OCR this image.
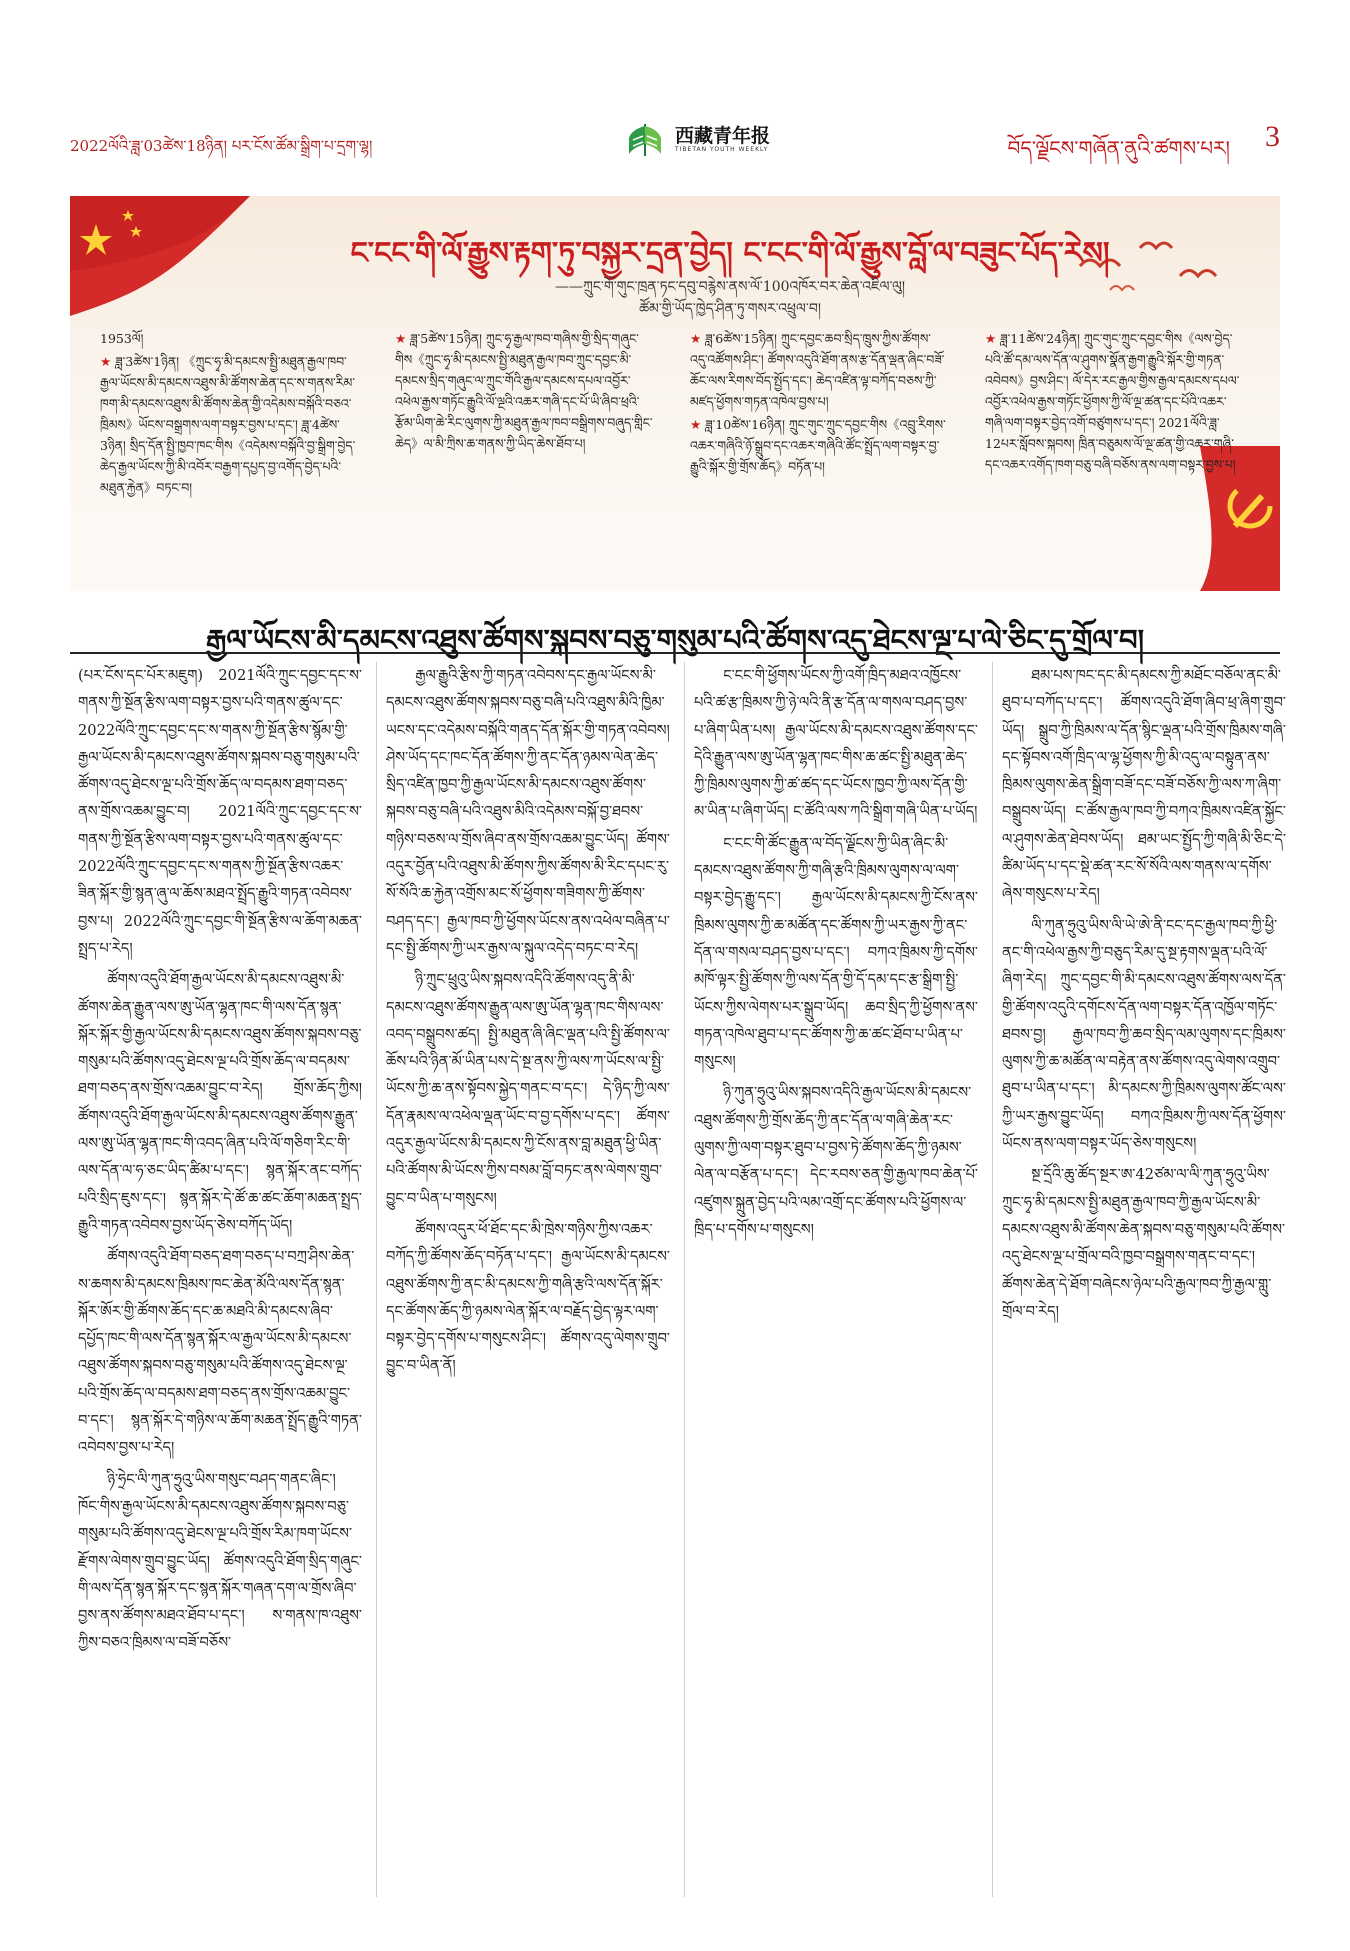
2022ལོའི་ཟླ་03ཚེས་18ཉིན། པར་ངོས་ཚོམ་སྒྲིག་པ་དྲག་ལྷ།	西藏青年报
TIBETAN YOUTH WEEKLY	བོད་ལྗོངས་གཞོན་ནུའི་ཚགས་པར། 3
ང་ངང་གི་ལོ་རྒྱུས་རྟག་ཏུ་བསྐྱར་དྲན་བྱེད། ང་ངང་གི་ལོ་རྒྱུས་བློ་ལ་བཟུང་པོད་རེས།
——ཀྲུང་གོ་གུང་ཁྲན་ཏང་དབུ་བརྙེས་ནས་ལོ་100འཁོར་བར་ཆེན་འཇིལ་ལུ།
ཚོམ་གྱི་ཡོད་ཁྱེད་ཤིན་ཏུ་གསར་འཕྲུལ་བ།

1953ལོ།

★ ཟླ་3ཚེས་1ཉིན། 《ཀྲུང་ཧྭ་མི་དམངས་སྤྱི་མཐུན་རྒྱལ་ཁབ་རྒྱལ་ཡོངས་མི་དམངས་འཐུས་མི་ཚོགས་ཆེན་དང་ས་གནས་རིམ་ཁག་མི་དམངས་འཐུས་མི་ཚོགས་ཆེན་གྱི་འདེམས་བསྐོའི་བཅའ་ཁྲིམས》ཡོངས་བསྒྲགས་ལག་བསྟར་བྱས་པ་དང་། ཟླ་4ཚེས་3ཉིན། སྲིད་དོན་སྤྱི་ཁྱབ་ཁང་གིས《འདེམས་བསྐོའི་བྱ་སྒྲིག་བྱེད་ཆེད་རྒྱལ་ཡོངས་ཀྱི་མི་འབོར་བརྒྱག་དཔྱད་བྱ་འགོད་བྱེད་པའི་མཐུན་རྐྱེན》བཏང་བ།

★ ཟླ་5ཚེས་15ཉིན། ཀྲུང་ཧྭ་རྒྱལ་ཁབ་གཞིས་གྱི་སྲིད་གཞུང་གིས《ཀྲུང་ཧྭ་མི་དམངས་སྤྱི་མཐུན་རྒྱལ་ཁབ་ཀྲུང་དབྱང་མི་དམངས་སྲིད་གཞུང་ལ་ཀྲུང་གོའི་རྒྱལ་དམངས་དཔལ་འབྱོར་འཕེལ་རྒྱས་གཏོང་རྒྱུའི་ལོ་ལྔའི་འཆར་གཞི་དང་པོ་ཡི་ཞིབ་ཕྲའི་རྩོམ་ཡིག་ཆེ་རིང་ལུགས་ཀྱི་མཐུན་རྒྱལ་ཁབ་བསྒྲིགས་བཞུད་གླིང་ཆེད》ལ་མི་ཀྲིས་ཆ་གནས་ཀྱི་ཡིད་ཆེས་ཐོབ་པ།

★ ཟླ་6ཚེས་15ཉིན། ཀྲུང་དབྱང་ཆབ་སྲིད་ཁྲུས་ཀྱིས་ཚོགས་འདུ་འཚོགས་ཤིང་། ཚོགས་འདུའི་ཐོག་ནས་རྩ་དོན་ལྡན་ཞིང་བཟོ་ཆོང་ལས་རིགས་བོད་སྤྱོད་དང་། ཆེད་འཛིན་ལྟ་བཀོད་བཅས་ཀྱི་མཛད་ཕྱོགས་གཏན་འཁེལ་བྱས་པ།

★ ཟླ་10ཚེས་16ཉིན། ཀྲུང་གུང་ཀྲུང་དབྱང་གིས《འབྲུ་རིགས་འཆར་གཞིའི་ཉོ་སྒྲུབ་དང་འཆར་གཞིའི་ཚོང་སྤྲོད་ལག་བསྟར་བྱ་རྒྱུའི་སྐོར་གྱི་གྲོས་ཆོད》བཏོན་པ།

★ ཟླ་11ཚེས་24ཉིན། ཀྲུང་གུང་ཀྲུང་དབྱང་གིས《ལས་བྱེད་པའི་ཚོ་དམ་ལས་དོན་ལ་ཤུགས་སྣོན་རྒྱག་རྒྱུའི་སྐོར་གྱི་གཏན་འབེབས》བྱས་ཤིང་། ལོ་དེར་རང་རྒྱལ་གྱིས་རྒྱལ་དམངས་དཔལ་འབྱོར་འཕེལ་རྒྱས་གཏོང་ཕྱོགས་ཀྱི་ལོ་ལྔ་ཚན་དང་པོའི་འཆར་གཞི་ལག་བསྟར་བྱེད་འགོ་བཙུགས་པ་དང་། 2021ལོའི་ཟླ་12པར་སློབས་སྐབས། ཁྲིན་བཅུམས་ལོ་ལྔ་ཚན་གྱི་འཆར་གཞི་དང་འཆར་འགོད་ཁག་བཅུ་བཞི་བཅོས་ནས་ལག་བསྟར་བྱས་པ།

རྒྱལ་ཡོངས་མི་དམངས་འཐུས་ཚོགས་སྐབས་བཅུ་གསུམ་པའི་ཚོགས་འདུ་ཐེངས་ལྔ་པ་ལེ་ཅིང་དུ་གྲོལ་བ།

(པར་ངོས་དང་པོར་མཇུག) 2021ལོའི་ཀྲུང་དབྱང་དང་ས་གནས་ཀྱི་སྔོན་རྩིས་ལག་བསྟར་བྱས་པའི་གནས་ཚུལ་དང་2022ལོའི་ཀྲུང་དབྱང་དང་ས་གནས་ཀྱི་སྔོན་རྩིས་སྙོམ་གྱི་རྒྱལ་ཡོངས་མི་དམངས་འཐུས་ཚོགས་སྐབས་བཅུ་གསུམ་པའི་ཚོགས་འདུ་ཐེངས་ལྔ་པའི་གྲོས་ཆོད་ལ་བདམས་ཐག་བཅད་ནས་གྲོས་འཆམ་བྱུང་བ། 2021ལོའི་ཀྲུང་དབྱང་དང་ས་གནས་ཀྱི་སྔོན་རྩིས་ལག་བསྟར་བྱས་པའི་གནས་ཚུལ་དང་2022ལོའི་ཀྲུང་དབྱང་དང་ས་གནས་ཀྱི་སྔོན་རྩིས་འཆར་ཟིན་སྐོར་གྱི་སྙན་ཞུ་ལ་ཆོས་མཐའ་སྤྲོད་རྒྱུའི་གཏན་འབེབས་བྱས་པ། 2022ལོའི་ཀྲུང་དབྱང་གི་སྔོན་རྩིས་ལ་ཆོག་མཆན་སྤྲད་པ་རེད།

ཚོགས་འདུའི་ཐོག་རྒྱལ་ཡོངས་མི་དམངས་འཐུས་མི་ཚོགས་ཆེན་རྒྱུན་ལས་ཨུ་ཡོན་ལྷན་ཁང་གི་ལས་དོན་སྙན་སྐོར་སྐོར་གྱི་རྒྱལ་ཡོངས་མི་དམངས་འཐུས་ཚོགས་སྐབས་བཅུ་གསུམ་པའི་ཚོགས་འདུ་ཐེངས་ལྔ་པའི་གྲོས་ཆོད་ལ་བདམས་ཐག་བཅད་ནས་གྲོས་འཆམ་བྱུང་བ་རེད། གྲོས་ཆོད་ཀྱིས། ཚོགས་འདུའི་ཐོག་རྒྱལ་ཡོངས་མི་དམངས་འཐུས་ཚོགས་རྒྱུན་ལས་ཨུ་ཡོན་ལྷན་ཁང་གི་འབད་ཞིན་པའི་ལོ་གཅིག་རིང་གི་ལས་དོན་ལ་ཧ་ཅང་ཡིད་ཚིམ་པ་དང་། སྙན་སྐོར་ནང་བཀོད་པའི་སྲིད་ཇུས་དང་། སྙན་སྐོར་དེ་ཚོ་ཆ་ཚང་ཆོག་མཆན་སྤྲད་རྒྱུའི་གཏན་འབེབས་བྱས་ཡོད་ཅེས་བཀོད་ཡོད།

ཚོགས་འདུའི་ཐོག་བཅད་ཐག་བཅད་པ་བཀྲ་ཤིས་ཆེན་ས་ཆགས་མི་དམངས་ཁྲིམས་ཁང་ཆེན་མོའི་ལས་དོན་སྙན་སྐོར་ཨོར་གྱི་ཚོགས་ཆོད་དང་ཆ་མཐའི་མི་དམངས་ཞིབ་དཔྱོད་ཁང་གི་ལས་དོན་སྙན་སྐོར་ལ་རྒྱལ་ཡོངས་མི་དམངས་འཐུས་ཚོགས་སྐབས་བཅུ་གསུམ་པའི་ཚོགས་འདུ་ཐེངས་ལྔ་པའི་གྲོས་ཆོད་ལ་བདམས་ཐག་བཅད་ནས་གྲོས་འཆམ་བྱུང་བ་དང་། སྙན་སྐོར་དེ་གཉིས་ལ་ཆོག་མཆན་སྤྲོད་རྒྱུའི་གཏན་འབེབས་བྱས་པ་རེད།

ཉི་ཧྲེང་ལི་ཀུན་ཧྲུའུ་ཡིས་གསུང་བཤད་གནང་ཞིང་། ཁོང་གིས་རྒྱལ་ཡོངས་མི་དམངས་འཐུས་ཚོགས་སྐབས་བཅུ་གསུམ་པའི་ཚོགས་འདུ་ཐེངས་ལྔ་པའི་གྲོས་རིམ་ཁག་ཡོངས་རྫོགས་ལེགས་གྲུབ་བྱུང་ཡོད། ཚོགས་འདུའི་ཐོག་སྲིད་གཞུང་གི་ལས་དོན་སྙན་སྐོར་དང་སྙན་སྐོར་གཞན་དག་ལ་གྲོས་ཞིབ་བྱས་ནས་ཚོགས་མཐའ་ཐོབ་པ་དང་། ས་གནས་ཁ་འཐུས་ཀྱིས་བཅའ་ཁྲིམས་ལ་བཟོ་བཅོས་

རྒྱལ་རྒྱུའི་རྩིས་ཀྱི་གཏན་འབེབས་དང་རྒྱལ་ཡོངས་མི་དམངས་འཐུས་ཚོགས་སྐབས་བཅུ་བཞི་པའི་འཐུས་མིའི་ཁྱིམ་ཡངས་དང་འདེམས་བསྐོའི་གནད་དོན་སྐོར་གྱི་གཏན་འབེབས། ཤེས་ཡོད་དང་ཁང་དོན་ཚོགས་ཀྱི་ནང་དོན་ཉམས་ལེན་ཆེད་སྲིད་འཛིན་ཁྱབ་ཀྱི་རྒྱལ་ཡོངས་མི་དམངས་འཐུས་ཚོགས་སྐབས་བཅུ་བཞི་པའི་འཐུས་མིའི་འདེམས་བསྐོ་བྱ་ཐབས་གཉིས་བཅས་ལ་གྲོས་ཞིབ་ནས་གྲོས་འཆམ་བྱུང་ཡོད། ཚོགས་འདུར་བྱོན་པའི་འཐུས་མི་ཚོགས་ཀྱིས་ཚོགས་མི་རིང་དཔང་རུ་སོ་སོའི་ཆ་རྐྱེན་འགྲོས་མང་སོ་ཕྱོགས་གཟིགས་ཀྱི་ཚོགས་བཤད་དང་། རྒྱལ་ཁབ་ཀྱི་ཕྱོགས་ཡོངས་ནས་འཕེལ་བཞིན་པ་དང་སྤྱི་ཚོགས་ཀྱི་ཡར་རྒྱས་ལ་སྐུལ་འདེད་བཏང་བ་རེད།

ཉི་ཀྲུང་ཕྲུའུ་ཡིས་སྐབས་འདིའི་ཚོགས་འདུ་ནི་མི་དམངས་འཐུས་ཚོགས་རྒྱུན་ལས་ཨུ་ཡོན་ལྷན་ཁང་གིས་ལས་འབད་བསྒྲུབས་ཚད། སྤྱི་མཐུན་ཞི་ཞིང་ལྡན་པའི་སྤྱི་ཚོགས་ལ་ཆོས་པའི་ཉིན་མོ་ཡིན་པས་དེ་སྔ་ནས་ཀྱི་ལས་ཀ་ཡོངས་ལ་སྤྱི་ཡོངས་ཀྱི་ཆ་ནས་སྟོབས་སྐྱེད་གནང་བ་དང་། དེ་ཉིད་ཀྱི་ལས་དོན་རྣམས་ལ་འཕེལ་ལྡན་ཡོང་བ་བྱ་དགོས་པ་དང་། ཚོགས་འདུར་རྒྱལ་ཡོངས་མི་དམངས་ཀྱི་ངོས་ནས་བླ་མཐུན་ཕྱི་ཡིན་པའི་ཚོགས་མི་ཡོངས་ཀྱིས་བསམ་བློ་བཏང་ནས་ལེགས་གྲུབ་བྱུང་བ་ཡིན་པ་གསུངས།

ཚོགས་འདུར་ཕོ་ཐོང་དང་མི་ཁྲེས་གཉིས་ཀྱིས་འཆར་བཀོད་ཀྱི་ཚོགས་ཆོད་བཏོན་པ་དང་། རྒྱལ་ཡོངས་མི་དམངས་འཐུས་ཚོགས་ཀྱི་ནང་མི་དམངས་ཀྱི་གཞི་རྩའི་ལས་དོན་སྐོར་དང་ཚོགས་ཆོད་ཀྱི་ཉམས་ལེན་སྐོར་ལ་བརྗོད་བྱེད་ལྟར་ལག་བསྟར་བྱེད་དགོས་པ་གསུངས་ཤིང་། ཚོགས་འདུ་ལེགས་གྲུབ་བྱུང་བ་ཡིན་ནོ།

ང་ངང་གི་ཕྱོགས་ཡོངས་ཀྱི་འགོ་ཁྲིད་མཐའ་འཁྱོངས་པའི་ཚ་རྩ་ཁྲིམས་ཀྱི་ཉེ་ལའི་ནི་རྩ་དོན་ལ་གསལ་བཤད་བྱས་པ་ཞིག་ཡིན་པས། རྒྱལ་ཡོངས་མི་དམངས་འཐུས་ཚོགས་དང་དེའི་རྒྱུན་ལས་ཨུ་ཡོན་ལྷན་ཁང་གིས་ཆ་ཚང་སྤྱི་མཐུན་ཆེད་ཀྱི་ཁྲིམས་ལུགས་ཀྱི་ཚ་ཚད་དང་ཡོངས་ཁྱབ་ཀྱི་ལས་དོན་གྱི་མ་ཡིན་པ་ཞིག་ཡོད། ང་ཚོའི་ལས་ཀའི་སྒྲིག་གཞི་ཡིན་པ་ཡོད།

ང་ངང་གི་ཚོང་རྒྱུན་ལ་བོད་ལྗོངས་ཀྱི་ཡིན་ཞིང་མི་དམངས་འཐུས་ཚོགས་ཀྱི་གཞི་རྩའི་ཁྲིམས་ལུགས་ལ་ལག་བསྟར་བྱེད་རྒྱུ་དང་། རྒྱལ་ཡོངས་མི་དམངས་ཀྱི་ངོས་ནས་ཁྲིམས་ལུགས་ཀྱི་ཆ་མཚོན་དང་ཚོགས་ཀྱི་ཡར་རྒྱས་ཀྱི་ནང་དོན་ལ་གསལ་བཤད་བྱས་པ་དང་། བཀའ་ཁྲིམས་ཀྱི་དགོས་མཁོ་ལྟར་སྤྱི་ཚོགས་ཀྱི་ལས་དོན་གྱི་དོ་དམ་དང་རྩ་སྒྲིག་སྤྱི་ཡོངས་ཀྱིས་ལེགས་པར་སྒྲུབ་ཡོད། ཆབ་སྲིད་ཀྱི་ཕྱོགས་ནས་གཏན་འཁེལ་ཐུབ་པ་དང་ཚོགས་ཀྱི་ཆ་ཚང་ཐོབ་པ་ཡིན་པ་གསུངས།

ཉི་ཀུན་ཧྲུའུ་ཡིས་སྐབས་འདིའི་རྒྱལ་ཡོངས་མི་དམངས་འཐུས་ཚོགས་ཀྱི་གྲོས་ཆོད་ཀྱི་ནང་དོན་ལ་གཞི་ཆེན་རང་ལུགས་ཀྱི་ལག་བསྟར་ཐུབ་པ་བྱས་ཏེ་ཚོགས་ཆོད་ཀྱི་ཉམས་ལེན་ལ་བརྩོན་པ་དང་། དེང་རབས་ཅན་གྱི་རྒྱལ་ཁབ་ཆེན་པོ་འཛུགས་སྐྲུན་བྱེད་པའི་ལམ་འགྲོ་དང་ཚོགས་པའི་ཕྱོགས་ལ་ཁྲིད་པ་དགོས་པ་གསུངས།

ཐམ་པས་ཁང་དང་མི་དམངས་ཀྱི་མཐོང་བཅོལ་ནང་མི་ཐུབ་པ་བཀོད་པ་དང་། ཚོགས་འདུའི་ཐོག་ཞིབ་ཕྲ་ཞིག་གྲུབ་ཡོད། སྒྲུབ་ཀྱི་ཁྲིམས་ལ་དོན་སྙིང་ལྡན་པའི་གྲོས་ཁྲིམས་གཞི་དང་སྟོབས་འགོ་ཁྲིད་ལ་ལྷ་ཕྱོགས་ཀྱི་མི་འདུ་ལ་བསྟུན་ནས་ཁྲིམས་ལུགས་ཆེན་སྒྲིག་བཟོ་དང་བཟོ་བཅོས་ཀྱི་ལས་ཀ་ཞིག་བསྒྲུབས་ཡོད། ང་ཚོས་རྒྱལ་ཁབ་ཀྱི་བཀའ་ཁྲིམས་འཛིན་སྐྱོང་ལ་ཤུགས་ཆེན་ཐེབས་ཡོད། ཐམ་ཡང་སྤྱོད་ཀྱི་གཞི་མི་ཅིང་དེ་ཚིམ་ཡོད་པ་དང་སྡེ་ཚན་རང་སོ་སོའི་ལས་གནས་ལ་དགོས་ཞེས་གསུངས་པ་རེད།

ལི་ཀུན་ཧྲུའུ་ཡིས་ལི་ཡེ་ཨེ་ནི་ངང་དང་རྒྱལ་ཁབ་ཀྱི་ཕྱི་ནང་གི་འཕེལ་རྒྱས་ཀྱི་བཅུད་རིམ་དུ་སྔ་རྟགས་ལྡན་པའི་ལོ་ཞིག་རེད། ཀྲུང་དབྱང་གི་མི་དམངས་འཐུས་ཚོགས་ལས་དོན་གྱི་ཚོགས་འདུའི་དགོངས་དོན་ལག་བསྟར་དོན་འཁྱོལ་གཏོང་ཐབས་བྱ། རྒྱལ་ཁབ་ཀྱི་ཆབ་སྲིད་ལམ་ལུགས་དང་ཁྲིམས་ལུགས་ཀྱི་ཆ་མཚོན་ལ་བརྟེན་ནས་ཚོགས་འདུ་ལེགས་འགྲུབ་ཐུབ་པ་ཡིན་པ་དང་། མི་དམངས་ཀྱི་ཁྲིམས་ལུགས་ཚོང་ལས་ཀྱི་ཡར་རྒྱས་བྱུང་ཡོད། བཀའ་ཁྲིམས་ཀྱི་ལས་དོན་ཕྱོགས་ཡོངས་ནས་ལག་བསྟར་ཡོད་ཅེས་གསུངས།

སྔ་དྲོའི་ཆུ་ཚོད་སྔར་ཨ་42ཙམ་ལ་ལི་ཀུན་ཧྲུའུ་ཡིས་ཀྲུང་ཧྭ་མི་དམངས་སྤྱི་མཐུན་རྒྱལ་ཁབ་ཀྱི་རྒྱལ་ཡོངས་མི་དམངས་འཐུས་མི་ཚོགས་ཆེན་སྐབས་བཅུ་གསུམ་པའི་ཚོགས་འདུ་ཐེངས་ལྔ་པ་གྲོལ་བའི་ཁྱབ་བསྒྲགས་གནང་བ་དང་། ཚོགས་ཆེན་དེ་ཐོག་བཞེངས་ཉེལ་པའི་རྒྱལ་ཁབ་ཀྱི་རྒྱལ་གླུ་གྲོལ་བ་རེད།
